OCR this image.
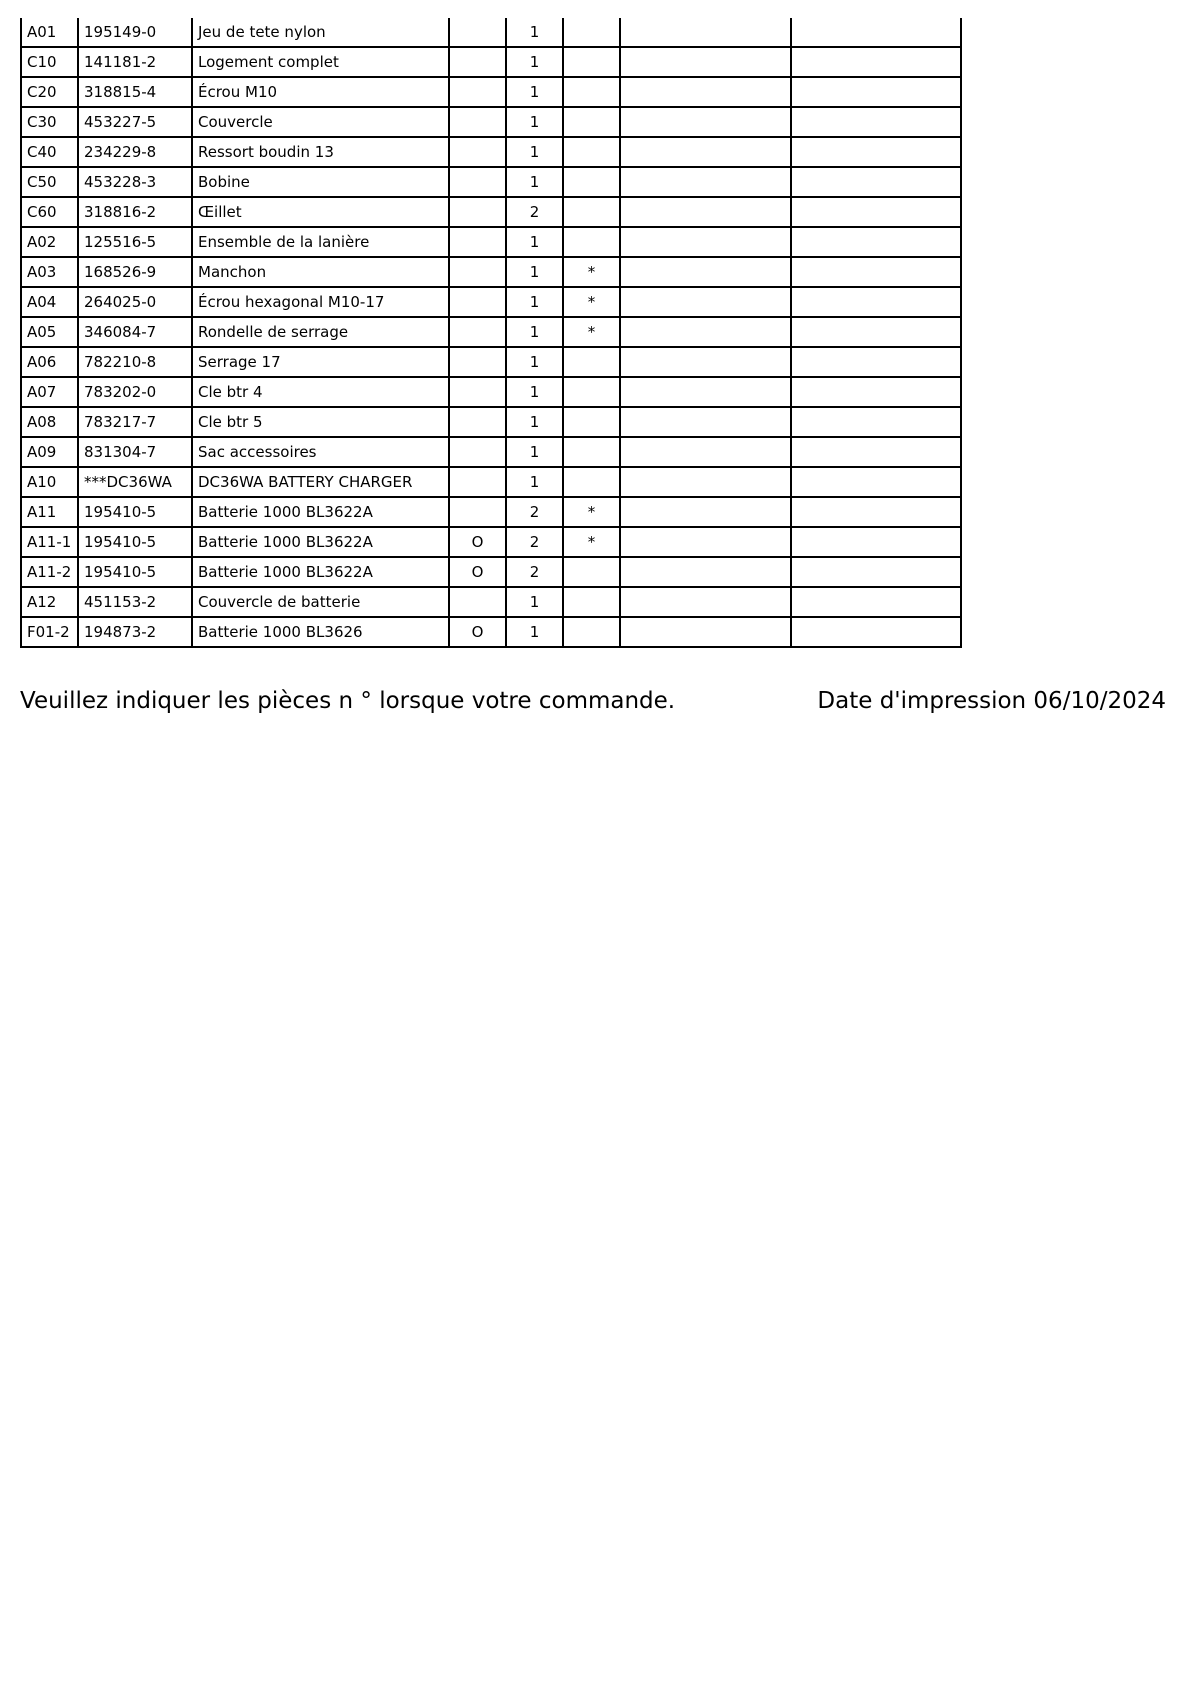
A01	195149-0	Jeu de tete nylon		1			
C10	141181-2	Logement complet		1			
C20	318815-4	Écrou M10		1			
C30	453227-5	Couvercle		1			
C40	234229-8	Ressort boudin 13		1			
C50	453228-3	Bobine		1			
C60	318816-2	Œillet		2			
A02	125516-5	Ensemble de la lanière		1			
A03	168526-9	Manchon		1	*		
A04	264025-0	Écrou hexagonal M10-17		1	*		
A05	346084-7	Rondelle de serrage		1	*		
A06	782210-8	Serrage 17		1			
A07	783202-0	Cle btr 4		1			
A08	783217-7	Cle btr 5		1			
A09	831304-7	Sac accessoires		1			
A10	***DC36WA	DC36WA BATTERY CHARGER		1			
A11	195410-5	Batterie 1000 BL3622A		2	*		
A11-1	195410-5	Batterie 1000 BL3622A	O	2	*		
A11-2	195410-5	Batterie 1000 BL3622A	O	2			
A12	451153-2	Couvercle de batterie		1			
F01-2	194873-2	Batterie 1000 BL3626	O	1			
Veuillez indiquer les pièces n ° lorsque votre commande.	Date d'impression 06/10/2024
